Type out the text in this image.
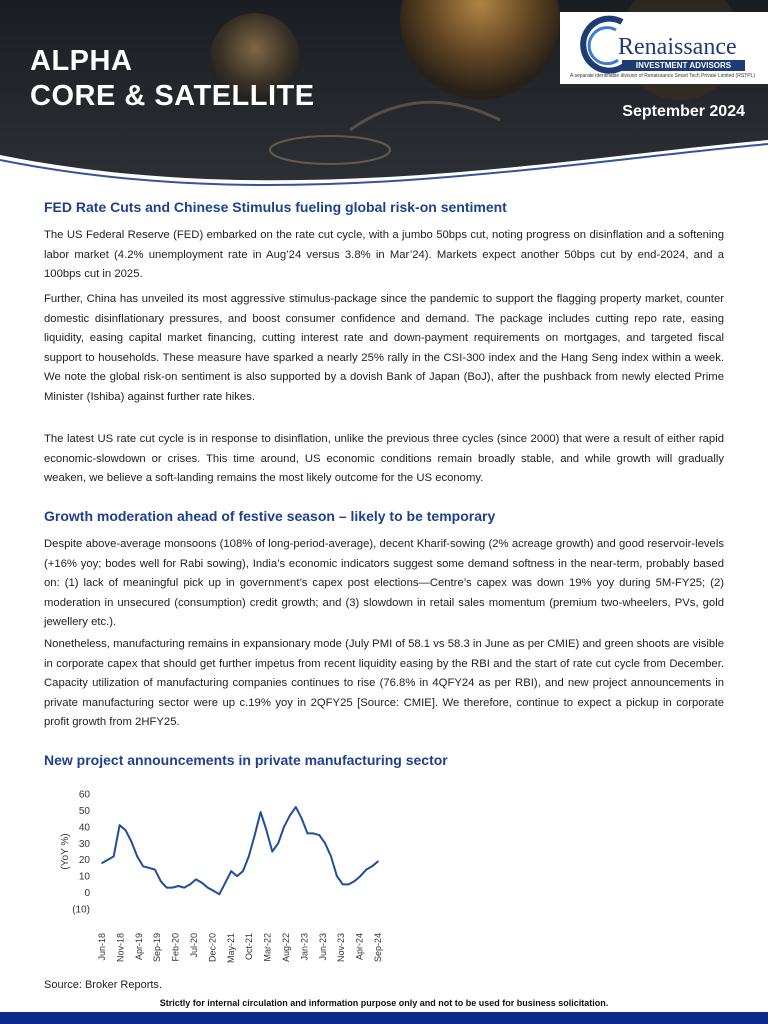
ALPHA
CORE & SATELLITE	September 2024
Renaissance
INVESTMENT ADVISORS
A separate identifiable division of Renaissance Smart Tech Private Limited (RSTPL)
FED Rate Cuts and Chinese Stimulus fueling global risk-on sentiment

The US Federal Reserve (FED) embarked on the rate cut cycle, with a jumbo 50bps cut, noting progress on disinflation and a softening labor market (4.2% unemployment rate in Aug’24 versus 3.8% in Mar’24). Markets expect another 50bps cut by end-2024, and a 100bps cut in 2025.

Further, China has unveiled its most aggressive stimulus-package since the pandemic to support the flagging property market, counter domestic disinflationary pressures, and boost consumer confidence and demand. The package includes cutting repo rate, easing liquidity, easing capital market financing, cutting interest rate and down-payment requirements on mortgages, and targeted fiscal support to households. These measure have sparked a nearly 25% rally in the CSI-300 index and the Hang Seng index within a week. We note the global risk-on sentiment is also supported by a dovish Bank of Japan (BoJ), after the pushback from newly elected Prime Minister (Ishiba) against further rate hikes.

The latest US rate cut cycle is in response to disinflation, unlike the previous three cycles (since 2000) that were a result of either rapid economic-slowdown or crises. This time around, US economic conditions remain broadly stable, and while growth will gradually weaken, we believe a soft-landing remains the most likely outcome for the US economy.

Growth moderation ahead of festive season – likely to be temporary

Despite above-average monsoons (108% of long-period-average), decent Kharif-sowing (2% acreage growth) and good reservoir-levels (+16% yoy; bodes well for Rabi sowing), India’s economic indicators suggest some demand softness in the near-term, probably based on: (1) lack of meaningful pick up in government’s capex post elections—Centre’s capex was down 19% yoy during 5M-FY25; (2) moderation in unsecured (consumption) credit growth; and (3) slowdown in retail sales momentum (premium two-wheelers, PVs, gold jewellery etc.).

Nonetheless, manufacturing remains in expansionary mode (July PMI of 58.1 vs 58.3 in June as per CMIE) and green shoots are visible in corporate capex that should get further impetus from recent liquidity easing by the RBI and the start of rate cut cycle from December. Capacity utilization of manufacturing companies continues to rise (76.8% in 4QFY24 as per RBI), and new project announcements in private manufacturing sector were up c.19% yoy in 2QFY25 [Source: CMIE]. We therefore, continue to expect a pickup in corporate profit growth from 2HFY25.

New project announcements in private manufacturing sector
60
50
40
30
20
10
0
(10)
(YoY %)
Jun-18 Nov-18 Apr-19 Sep-19 Feb-20 Jul-20 Dec-20 May-21 Oct-21 Mar-22 Aug-22 Jan-23 Jun-23 Nov-23 Apr-24 Sep-24
Source: Broker Reports.
Strictly for internal circulation and information purpose only and not to be used for business solicitation.
